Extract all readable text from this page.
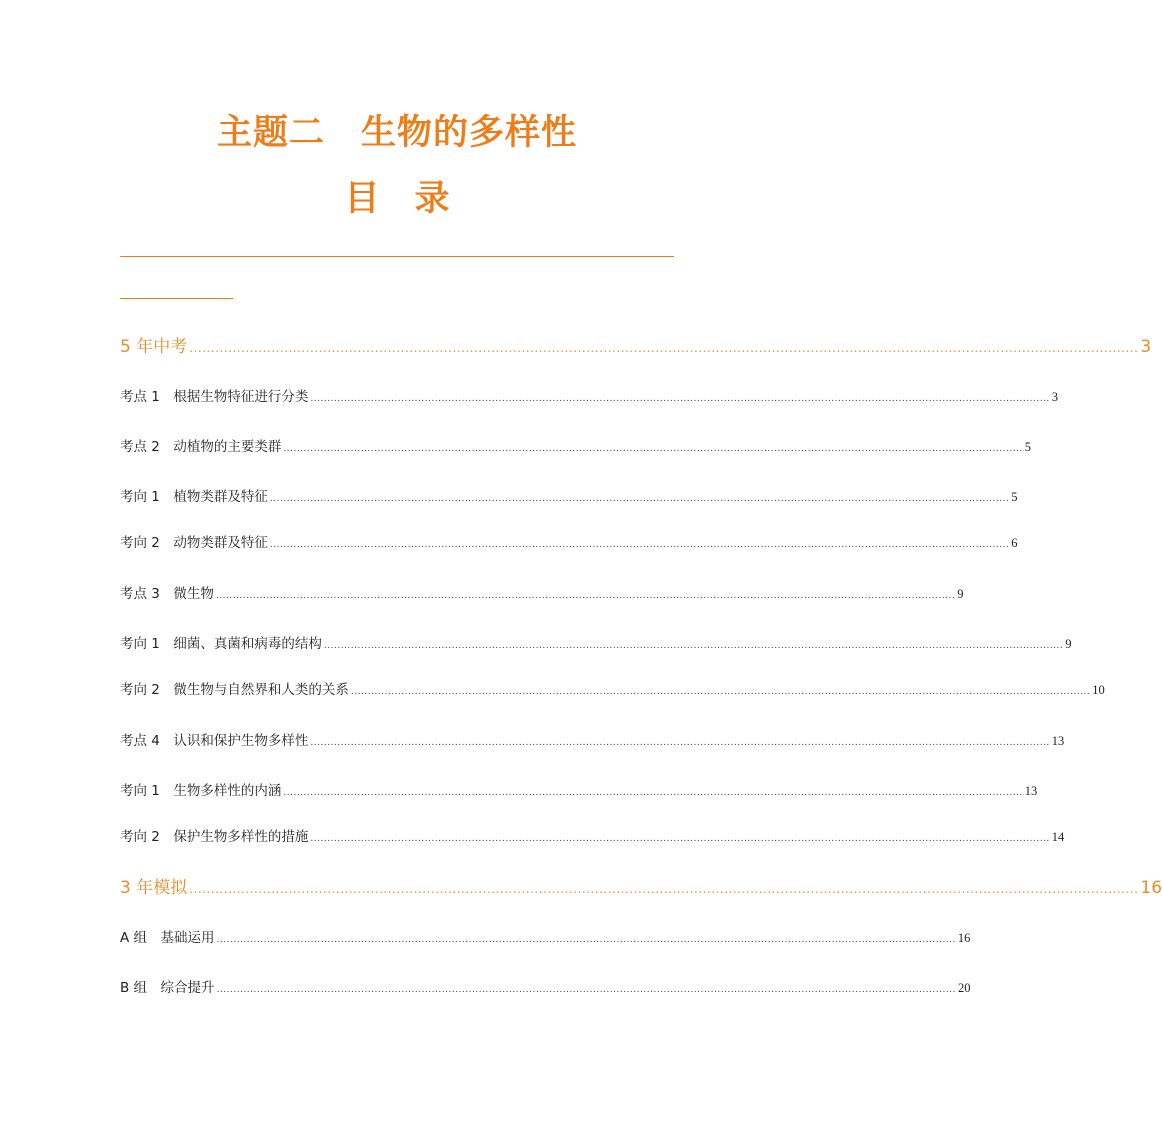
主题二　生物的多样性
目　录
5 年中考 ............................................................................................................................................................................................................................ 3
考点 1　根据生物特征进行分类 ............................................................................................................................................................................................................................ 3
考点 2　动植物的主要类群 ............................................................................................................................................................................................................................ 5
考向 1　植物类群及特征 ............................................................................................................................................................................................................................ 5
考向 2　动物类群及特征 ............................................................................................................................................................................................................................ 6
考点 3　微生物 ............................................................................................................................................................................................................................ 9
考向 1　细菌、真菌和病毒的结构 ............................................................................................................................................................................................................................ 9
考向 2　微生物与自然界和人类的关系 ............................................................................................................................................................................................................................ 10
考点 4　认识和保护生物多样性 ............................................................................................................................................................................................................................ 13
考向 1　生物多样性的内涵 ............................................................................................................................................................................................................................ 13
考向 2　保护生物多样性的措施 ............................................................................................................................................................................................................................ 14
3 年模拟 ............................................................................................................................................................................................................................ 16
A 组　基础运用 ............................................................................................................................................................................................................................ 16
B 组　综合提升 ............................................................................................................................................................................................................................ 20
